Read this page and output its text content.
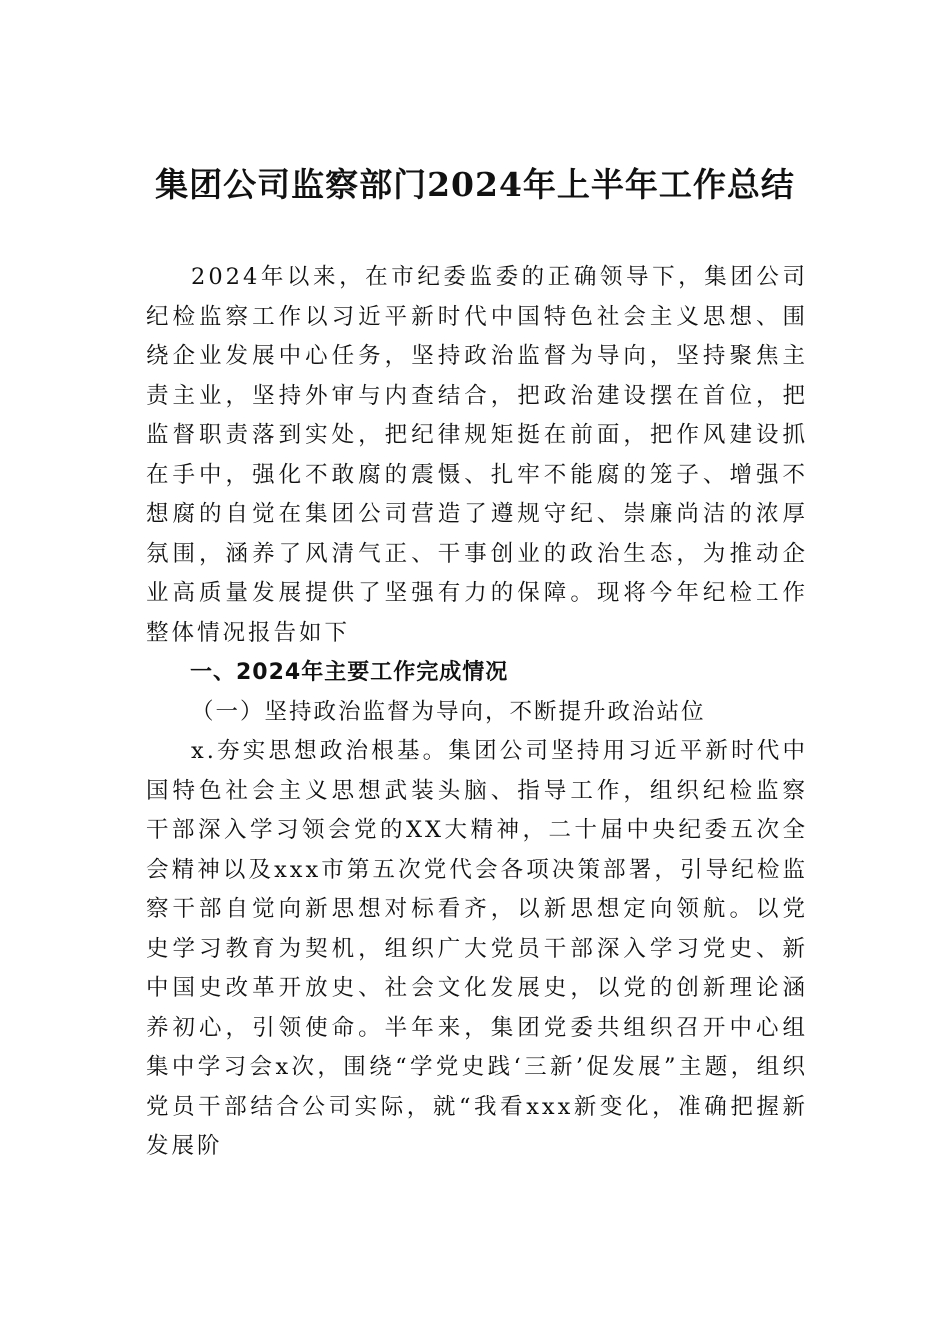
集团公司监察部门2024年上半年工作总结

2024年以来，在市纪委监委的正确领导下，集团公司纪检监察工作以习近平新时代中国特色社会主义思想、围绕企业发展中心任务，坚持政治监督为导向，坚持聚焦主责主业，坚持外审与内查结合，把政治建设摆在首位，把监督职责落到实处，把纪律规矩挺在前面，把作风建设抓在手中，强化不敢腐的震慑、扎牢不能腐的笼子、增强不想腐的自觉在集团公司营造了遵规守纪、崇廉尚洁的浓厚氛围，涵养了风清气正、干事创业的政治生态，为推动企业高质量发展提供了坚强有力的保障。现将今年纪检工作整体情况报告如下

一、2024年主要工作完成情况
（一）坚持政治监督为导向，不断提升政治站位

x.夯实思想政治根基。集团公司坚持用习近平新时代中国特色社会主义思想武装头脑、指导工作，组织纪检监察干部深入学习领会党的XX大精神，二十届中央纪委五次全会精神以及xxx市第五次党代会各项决策部署，引导纪检监察干部自觉向新思想对标看齐，以新思想定向领航。以党史学习教育为契机，组织广大党员干部深入学习党史、新中国史改革开放史、社会文化发展史，以党的创新理论涵养初心，引领使命。半年来，集团党委共组织召开中心组集中学习会x次，围绕“学党史践‘三新’促发展”主题，组织党员干部结合公司实际，就“我看xxx新变化，准确把握新发展阶
